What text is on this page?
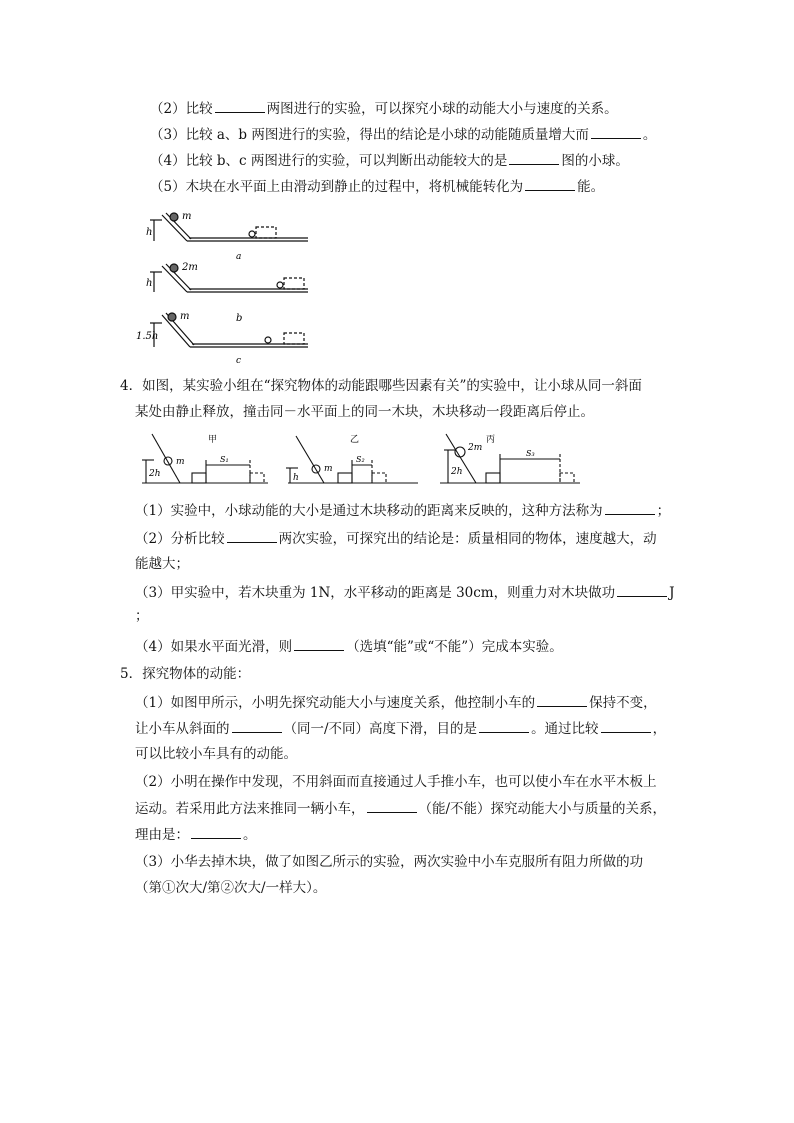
（2）比较	两图进行的实验，可以探究小球的动能大小与速度的关系。
（3）比较 a、b 两图进行的实验，得出的结论是小球的动能随质量增大而	。
（4）比较 b、c 两图进行的实验，可以判断出动能较大的是	图的小球。
（5）木块在水平面上由滑动到静止的过程中，将机械能转化为	能。
m
h
a
2m
h
m	b
1.5h
c
4．如图，某实验小组在“探究物体的动能跟哪些因素有关”的实验中，让小球从同一斜面
某处由静止释放，撞击同－水平面上的同一木块，木块移动一段距离后停止。
甲
m
2h
S₁
乙
m
h
S₂
丙
2m
2h
S₃
（1）实验中，小球动能的大小是通过木块移动的距离来反映的，这种方法称为	；
（2）分析比较	两次实验，可探究出的结论是：质量相同的物体，速度越大，动
能越大；
（3）甲实验中，若木块重为 1N，水平移动的距离是 30cm，则重力对木块做功	J
；
（4）如果水平面光滑，则	（选填“能”或“不能”）完成本实验。
5．探究物体的动能：
（1）如图甲所示，小明先探究动能大小与速度关系，他控制小车的	保持不变，
让小车从斜面的	（同一/不同）高度下滑，目的是	。通过比较	，
可以比较小车具有的动能。
（2）小明在操作中发现，不用斜面而直接通过人手推小车，也可以使小车在水平木板上
运动。若采用此方法来推同一辆小车，	（能/不能）探究动能大小与质量的关系，
理由是：	。
（3）小华去掉木块，做了如图乙所示的实验，两次实验中小车克服所有阻力所做的功
（第①次大/第②次大/一样大）。
